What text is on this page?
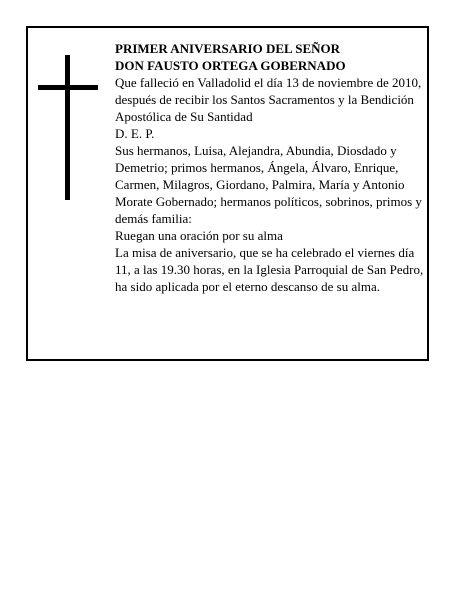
PRIMER ANIVERSARIO DEL SEÑOR

DON FAUSTO ORTEGA GOBERNADO

Que falleció en Valladolid el día 13 de noviembre de 2010, después de recibir los Santos Sacramentos y la Bendición Apostólica de Su Santidad

D. E. P.

Sus hermanos, Luisa, Alejandra, Abundia, Diosdado y Demetrio; primos hermanos, Ángela, Álvaro, Enrique, Carmen, Milagros, Giordano, Palmira, María y Antonio Morate Gobernado; hermanos políticos, sobrinos, primos y demás familia:

Ruegan una oración por su alma

La misa de aniversario, que se ha celebrado el viernes día 11, a las 19.30 horas, en la Iglesia Parroquial de San Pedro, ha sido aplicada por el eterno descanso de su alma.
